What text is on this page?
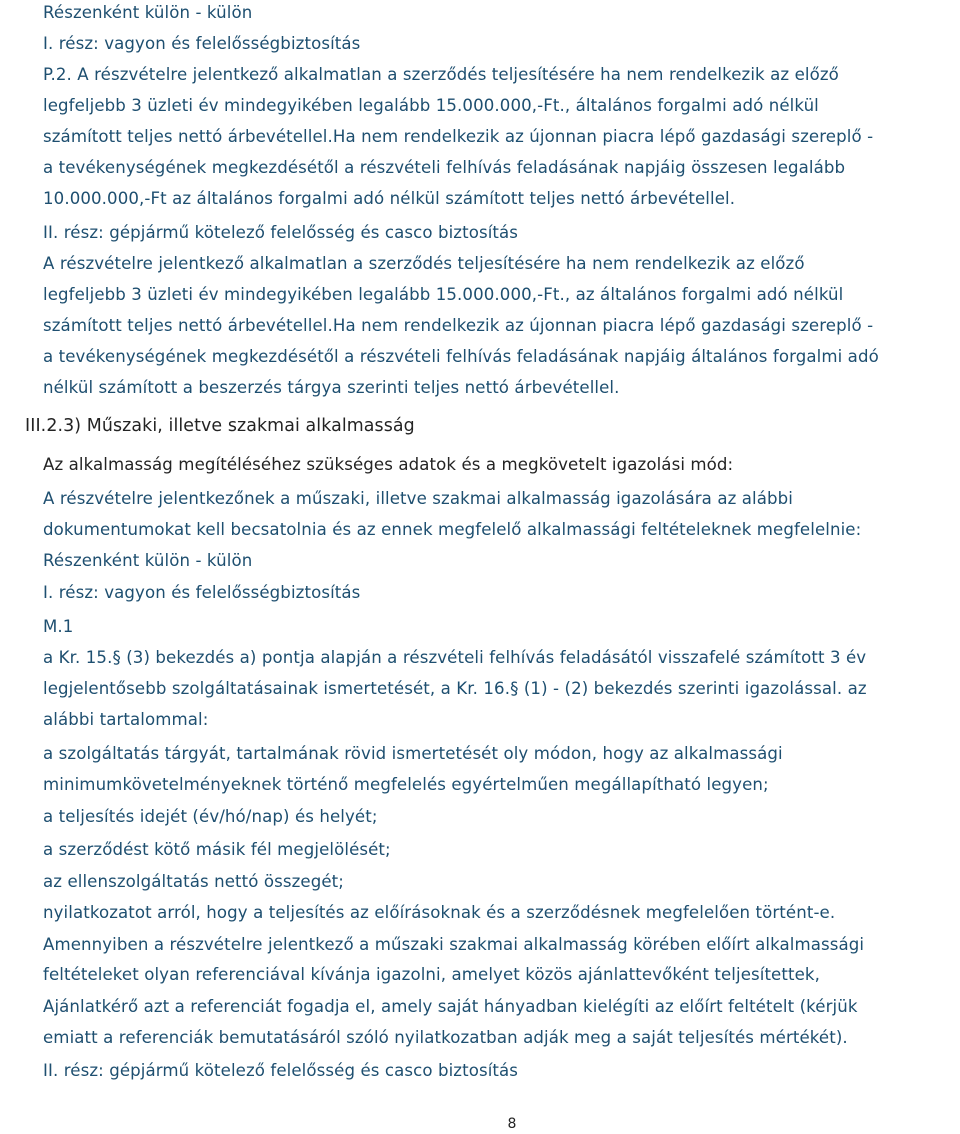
Részenként külön - külön
I. rész: vagyon és felelősségbiztosítás
P.2. A részvételre jelentkező alkalmatlan a szerződés teljesítésére ha nem rendelkezik az előző
legfeljebb 3 üzleti év mindegyikében legalább 15.000.000,-Ft., általános forgalmi adó nélkül
számított teljes nettó árbevétellel.Ha nem rendelkezik az újonnan piacra lépő gazdasági szereplő -
a tevékenységének megkezdésétől a részvételi felhívás feladásának napjáig összesen legalább
10.000.000,-Ft az általános forgalmi adó nélkül számított teljes nettó árbevétellel.
II. rész: gépjármű kötelező felelősség és casco biztosítás
A részvételre jelentkező alkalmatlan a szerződés teljesítésére ha nem rendelkezik az előző
legfeljebb 3 üzleti év mindegyikében legalább 15.000.000,-Ft., az általános forgalmi adó nélkül
számított teljes nettó árbevétellel.Ha nem rendelkezik az újonnan piacra lépő gazdasági szereplő -
a tevékenységének megkezdésétől a részvételi felhívás feladásának napjáig általános forgalmi adó
nélkül számított a beszerzés tárgya szerinti teljes nettó árbevétellel.
III.2.3) Műszaki, illetve szakmai alkalmasság
Az alkalmasság megítéléséhez szükséges adatok és a megkövetelt igazolási mód:
A részvételre jelentkezőnek a műszaki, illetve szakmai alkalmasság igazolására az alábbi
dokumentumokat kell becsatolnia és az ennek megfelelő alkalmassági feltételeknek megfelelnie:
Részenként külön - külön
I. rész: vagyon és felelősségbiztosítás
M.1
a Kr. 15.§ (3) bekezdés a) pontja alapján a részvételi felhívás feladásától visszafelé számított 3 év
legjelentősebb szolgáltatásainak ismertetését, a Kr. 16.§ (1) - (2) bekezdés szerinti igazolással. az
alábbi tartalommal:
a szolgáltatás tárgyát, tartalmának rövid ismertetését oly módon, hogy az alkalmassági
minimumkövetelményeknek történő megfelelés egyértelműen megállapítható legyen;
a teljesítés idejét (év/hó/nap) és helyét;
a szerződést kötő másik fél megjelölését;
az ellenszolgáltatás nettó összegét;
nyilatkozatot arról, hogy a teljesítés az előírásoknak és a szerződésnek megfelelően történt-e.
Amennyiben a részvételre jelentkező a műszaki szakmai alkalmasság körében előírt alkalmassági
feltételeket olyan referenciával kívánja igazolni, amelyet közös ajánlattevőként teljesítettek,
Ajánlatkérő azt a referenciát fogadja el, amely saját hányadban kielégíti az előírt feltételt (kérjük
emiatt a referenciák bemutatásáról szóló nyilatkozatban adják meg a saját teljesítés mértékét).
II. rész: gépjármű kötelező felelősség és casco biztosítás
8
